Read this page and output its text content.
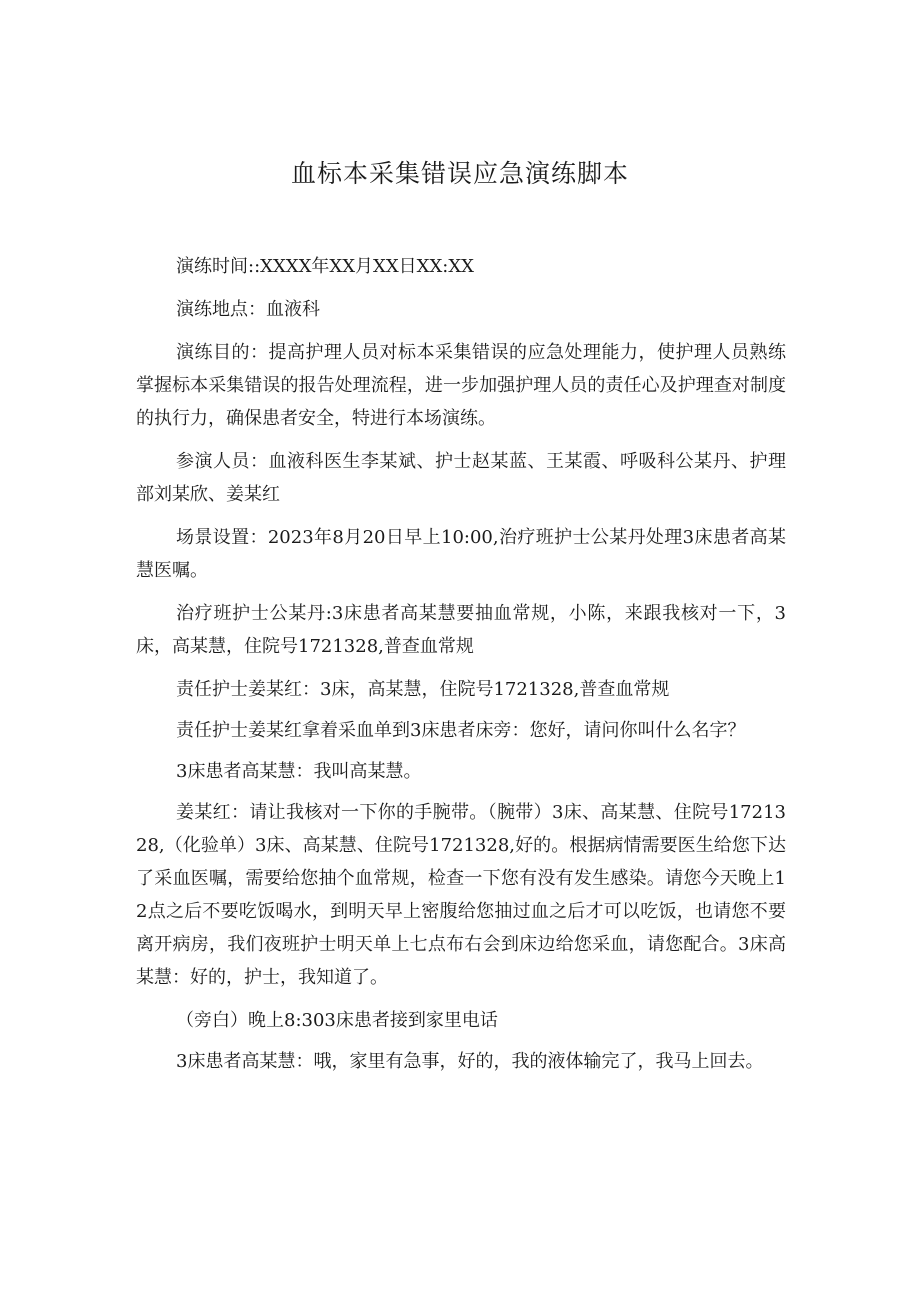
血标本采集错误应急演练脚本

演练时间::XXXX年XX月XX日XX:XX

演练地点：血液科

演练目的：提高护理人员对标本采集错误的应急处理能力，使护理人员熟练掌握标本采集错误的报告处理流程，进一步加强护理人员的责任心及护理查对制度的执行力，确保患者安全，特进行本场演练。

参演人员：血液科医生李某斌、护士赵某蓝、王某霞、呼吸科公某丹、护理部刘某欣、姜某红

场景设置：2023年8月20日早上10:00,治疗班护士公某丹处理3床患者高某慧医嘱。

治疗班护士公某丹:3床患者高某慧要抽血常规，小陈，来跟我核对一下，3床，高某慧，住院号1721328,普查血常规

责任护士姜某红：3床，高某慧，住院号1721328,普查血常规

责任护士姜某红拿着采血单到3床患者床旁：您好，请问你叫什么名字？

3床患者高某慧：我叫高某慧。

姜某红：请让我核对一下你的手腕带。（腕带）3床、高某慧、住院号1721328,（化验单）3床、高某慧、住院号1721328,好的。根据病情需要医生给您下达了采血医嘱，需要给您抽个血常规，检查一下您有没有发生感染。请您今天晚上12点之后不要吃饭喝水，到明天早上密腹给您抽过血之后才可以吃饭，也请您不要离开病房，我们夜班护士明天单上七点布右会到床边给您采血，请您配合。3床高某慧：好的，护士，我知道了。

（旁白）晚上8:303床患者接到家里电话

3床患者高某慧：哦，家里有急事，好的，我的液体输完了，我马上回去。
